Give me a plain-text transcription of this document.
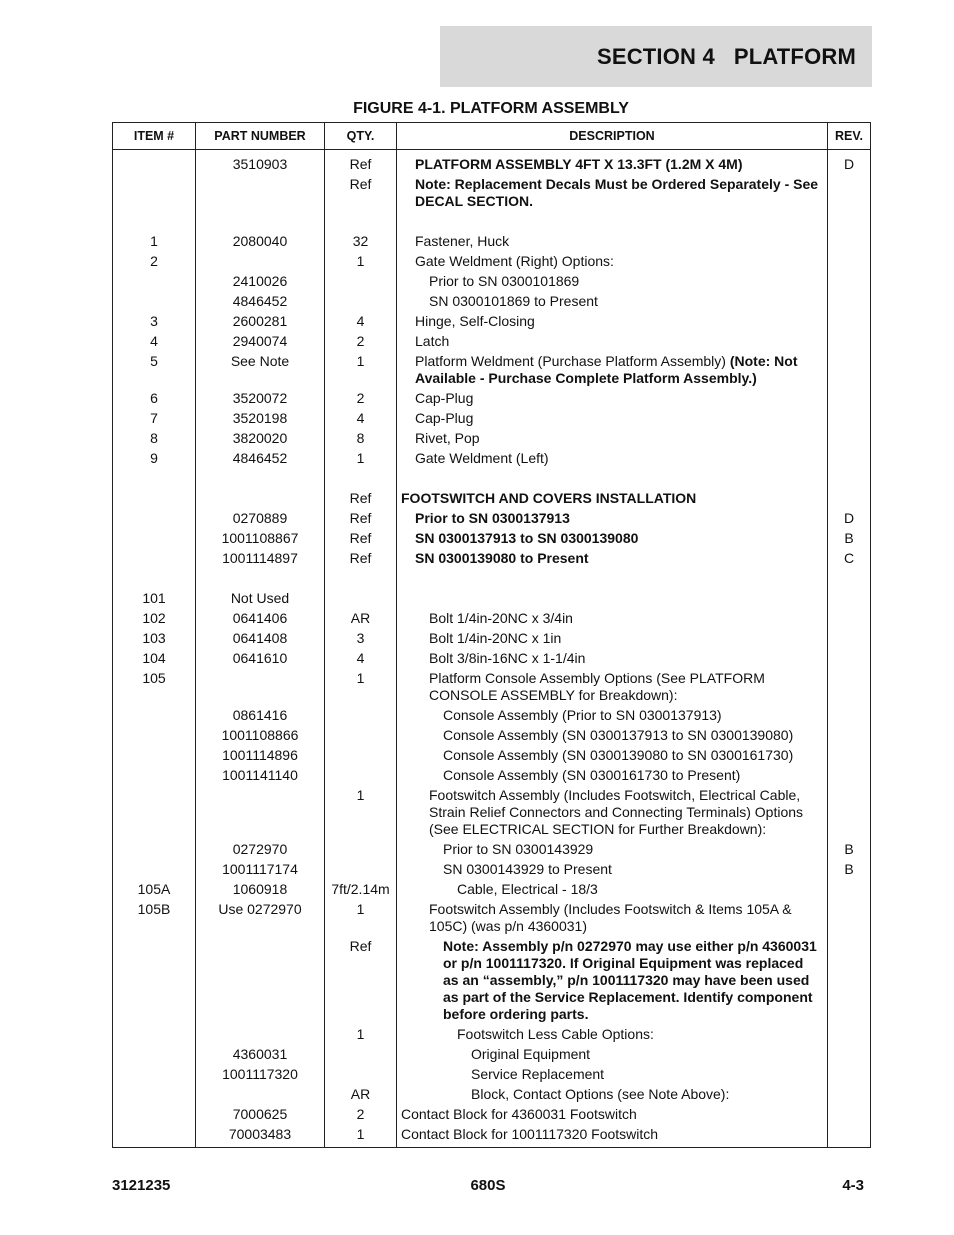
SECTION 4   PLATFORM
FIGURE 4-1. PLATFORM ASSEMBLY
ITEM #	PART NUMBER	QTY.	DESCRIPTION	REV.
	3510903	Ref	PLATFORM ASSEMBLY 4FT X 13.3FT (1.2M X 4M)	D
		Ref	Note: Replacement Decals Must be Ordered Separately - See DECAL SECTION.	

1	2080040	32	Fastener, Huck	
2		1	Gate Weldment (Right) Options:	
	2410026		Prior to SN 0300101869	
	4846452		SN 0300101869 to Present	
3	2600281	4	Hinge, Self-Closing	
4	2940074	2	Latch	
5	See Note	1	Platform Weldment (Purchase Platform Assembly) (Note: Not Available - Purchase Complete Platform Assembly.)	
6	3520072	2	Cap-Plug	
7	3520198	4	Cap-Plug	
8	3820020	8	Rivet, Pop	
9	4846452	1	Gate Weldment (Left)	

		Ref	FOOTSWITCH AND COVERS INSTALLATION	
	0270889	Ref	Prior to SN 0300137913	D
	1001108867	Ref	SN 0300137913 to SN 0300139080	B
	1001114897	Ref	SN 0300139080 to Present	C

101	Not Used			
102	0641406	AR	Bolt 1/4in-20NC x 3/4in	
103	0641408	3	Bolt 1/4in-20NC x 1in	
104	0641610	4	Bolt 3/8in-16NC x 1-1/4in	
105		1	Platform Console Assembly Options (See PLATFORM CONSOLE ASSEMBLY for Breakdown):	
	0861416		Console Assembly (Prior to SN 0300137913)	
	1001108866		Console Assembly (SN 0300137913 to SN 0300139080)	
	1001114896		Console Assembly (SN 0300139080 to SN 0300161730)	
	1001141140		Console Assembly (SN 0300161730 to Present)	
		1	Footswitch Assembly (Includes Footswitch, Electrical Cable, Strain Relief Connectors and Connecting Terminals) Options (See ELECTRICAL SECTION for Further Breakdown):	
	0272970		Prior to SN 0300143929	B
	1001117174		SN 0300143929 to Present	B
105A	1060918	7ft/2.14m	Cable, Electrical - 18/3	
105B	Use 0272970	1	Footswitch Assembly (Includes Footswitch & Items 105A & 105C) (was p/n 4360031)	
		Ref	Note: Assembly p/n 0272970 may use either p/n 4360031 or p/n 1001117320. If Original Equipment was replaced as an “assembly,” p/n 1001117320 may have been used as part of the Service Replacement. Identify component before ordering parts.	
		1	Footswitch Less Cable Options:	
	4360031		Original Equipment	
	1001117320		Service Replacement	
		AR	Block, Contact Options (see Note Above):	
	7000625	2	Contact Block for 4360031 Footswitch	
	70003483	1	Contact Block for 1001117320 Footswitch	
3121235	680S	4-3
